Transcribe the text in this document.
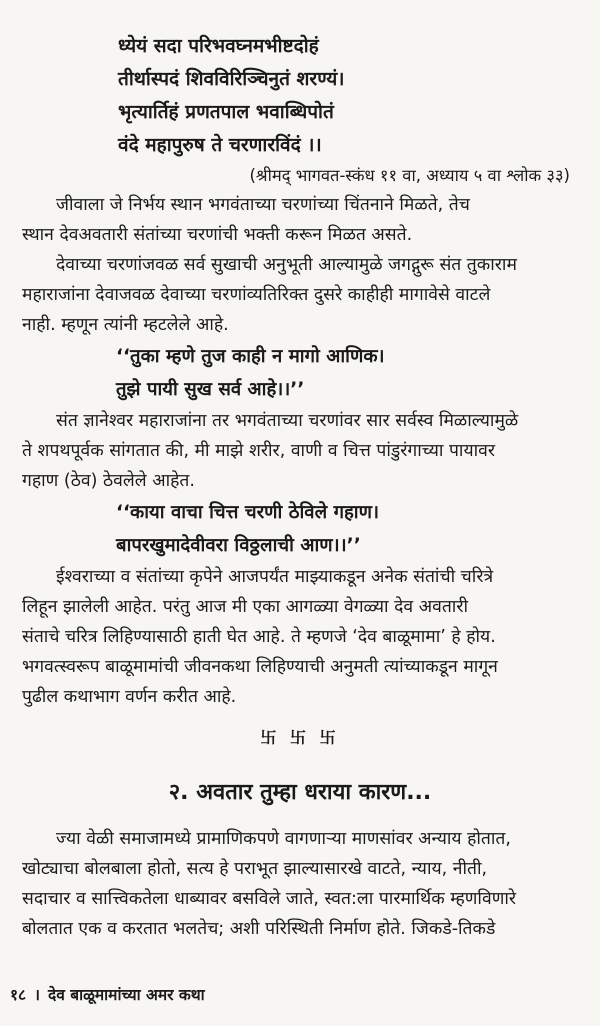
ध्येयं सदा परिभवघ्नमभीष्टदोहं
तीर्थास्पदं शिवविरिञ्चिनुतं शरण्यं।
भृत्यार्तिहं प्रणतपाल भवाब्धिपोतं
वंदे महापुरुष ते चरणारविंदं ।।
(श्रीमद् भागवत-स्कंध ११ वा, अध्याय ५ वा श्लोक ३३)
जीवाला जे निर्भय स्थान भगवंताच्या चरणांच्या चिंतनाने मिळते, तेच
स्थान देवअवतारी संतांच्या चरणांची भक्ती करून मिळत असते.
देवाच्या चरणांजवळ सर्व सुखाची अनुभूती आल्यामुळे जगद्गुरू संत तुकाराम
महाराजांना देवाजवळ देवाच्या चरणांव्यतिरिक्त दुसरे काहीही मागावेसे वाटले
नाही. म्हणून त्यांनी म्हटलेले आहे.
‘‘तुका म्हणे तुज काही न मागो आणिक।
तुझे पायी सुख सर्व आहे।।’’
संत ज्ञानेश्वर महाराजांना तर भगवंताच्या चरणांवर सार सर्वस्व मिळाल्यामुळे
ते शपथपूर्वक सांगतात की, मी माझे शरीर, वाणी व चित्त पांडुरंगाच्या पायावर
गहाण (ठेव) ठेवलेले आहेत.
‘‘काया वाचा चित्त चरणी ठेविले गहाण।
बापरखुमादेवीवरा विठ्ठलाची आण।।’’
ईश्वराच्या व संतांच्या कृपेने आजपर्यंत माझ्याकडून अनेक संतांची चरित्रे
लिहून झालेली आहेत. परंतु आज मी एका आगळ्या वेगळ्या देव अवतारी
संताचे चरित्र लिहिण्यासाठी हाती घेत आहे. ते म्हणजे ‘देव बाळूमामा’ हे होय.
भगवत्स्वरूप बाळूमामांची जीवनकथा लिहिण्याची अनुमती त्यांच्याकडून मागून
पुढील कथाभाग वर्णन करीत आहे.
卐 卐 卐
२. अवतार तुम्हा धराया कारण...
ज्या वेळी समाजामध्ये प्रामाणिकपणे वागणाऱ्या माणसांवर अन्याय होतात,
खोट्याचा बोलबाला होतो, सत्य हे पराभूत झाल्यासारखे वाटते, न्याय, नीती,
सदाचार व सात्त्विकतेला धाब्यावर बसविले जाते, स्वत:ला पारमार्थिक म्हणविणारे
बोलतात एक व करतात भलतेच; अशी परिस्थिती निर्माण होते. जिकडे-तिकडे
१८ । देव बाळूमामांच्या अमर कथा
